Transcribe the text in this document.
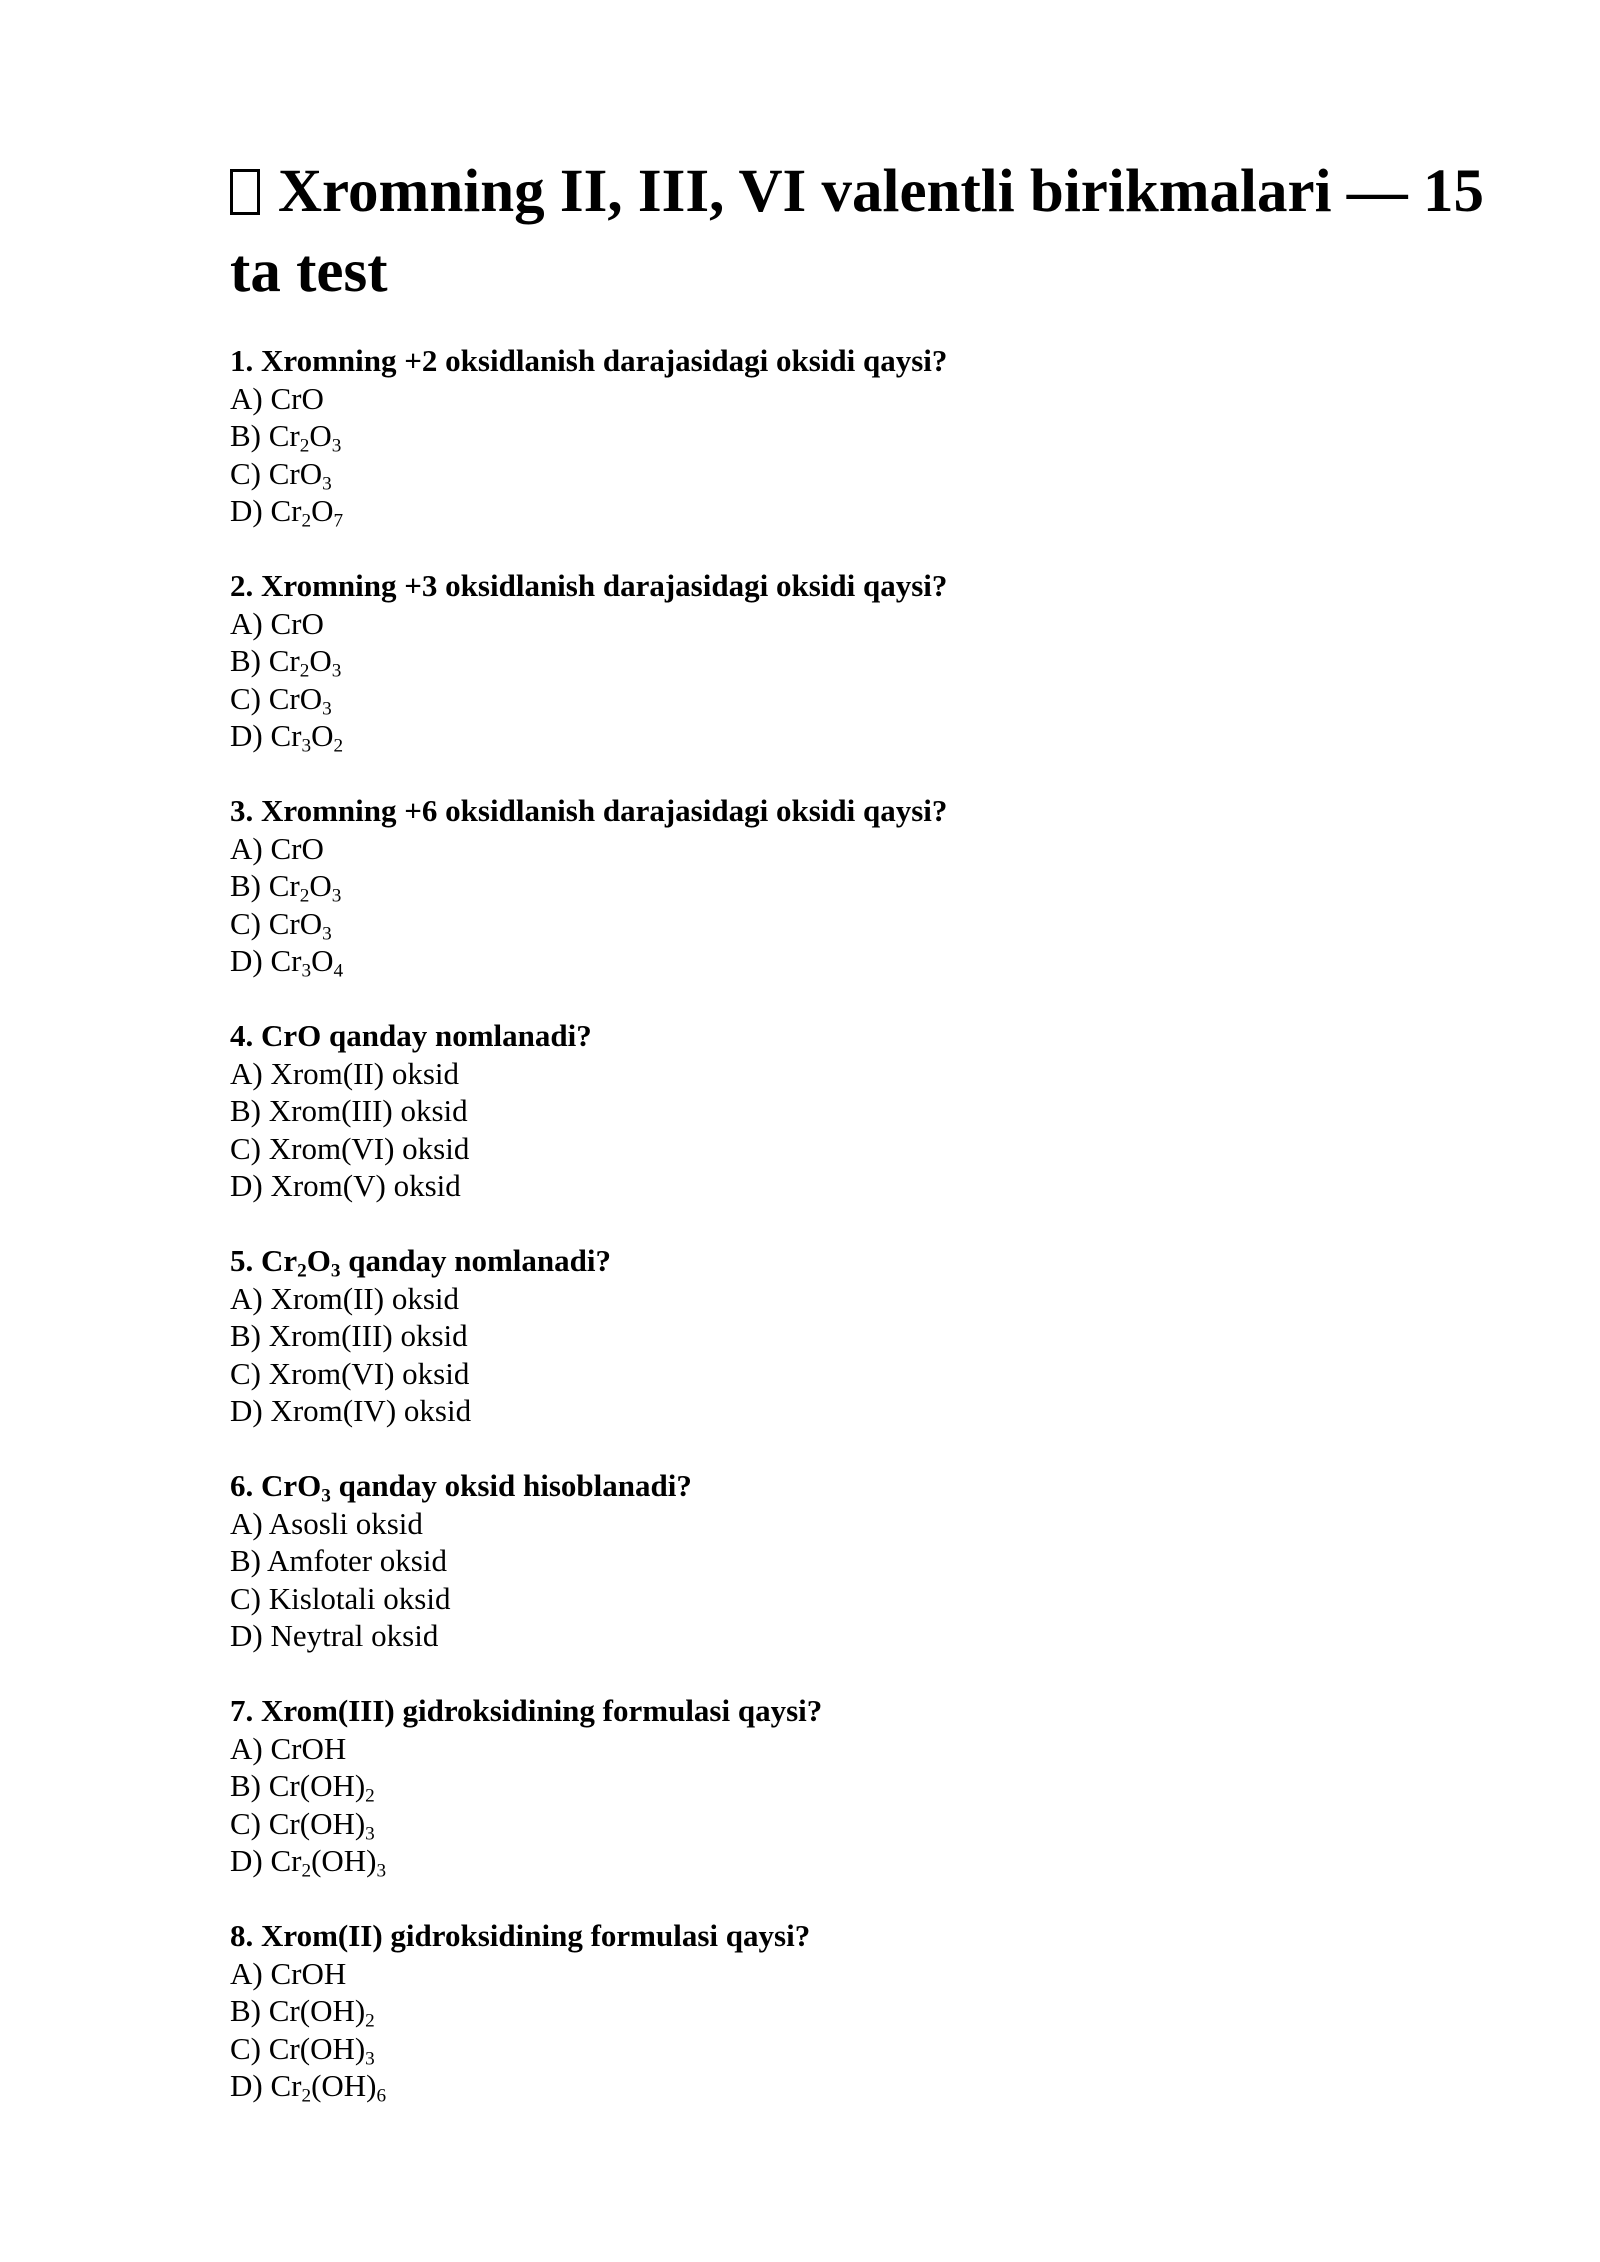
Xromning II, III, VI valentli birikmalari — 15 ta test
1. Xromning +2 oksidlanish darajasidagi oksidi qaysi?
A) CrO
B) $Cr_2O_3$
C) CrO$_3$
D) $Cr_2O_7$
2. Xromning +3 oksidlanish darajasidagi oksidi qaysi?
A) CrO
B) $Cr_2O_3$
C) CrO$_3$
D) $Cr_3O_2$
3. Xromning +6 oksidlanish darajasidagi oksidi qaysi?
A) CrO
B) $Cr_2O_3$
C) CrO$_3$
D) $Cr_3O_4$
4. CrO qanday nomlanadi?
A) Xrom(II) oksid
B) Xrom(III) oksid
C) Xrom(VI) oksid
D) Xrom(V) oksid
5. $Cr_2O_3$ qanday nomlanadi?
A) Xrom(II) oksid
B) Xrom(III) oksid
C) Xrom(VI) oksid
D) Xrom(IV) oksid
6. CrO$_3$ qanday oksid hisoblanadi?
A) Asosli oksid
B) Amfoter oksid
C) Kislotali oksid
D) Neytral oksid
7. Xrom(III) gidroksidining formulasi qaysi?
A) CrOH
B) $Cr(OH)_2$
C) $Cr(OH)_3$
D) $Cr_2(OH)_3$
8. Xrom(II) gidroksidining formulasi qaysi?
A) CrOH
B) $Cr(OH)_2$
C) $Cr(OH)_3$
D) $Cr_2(OH)_6$
